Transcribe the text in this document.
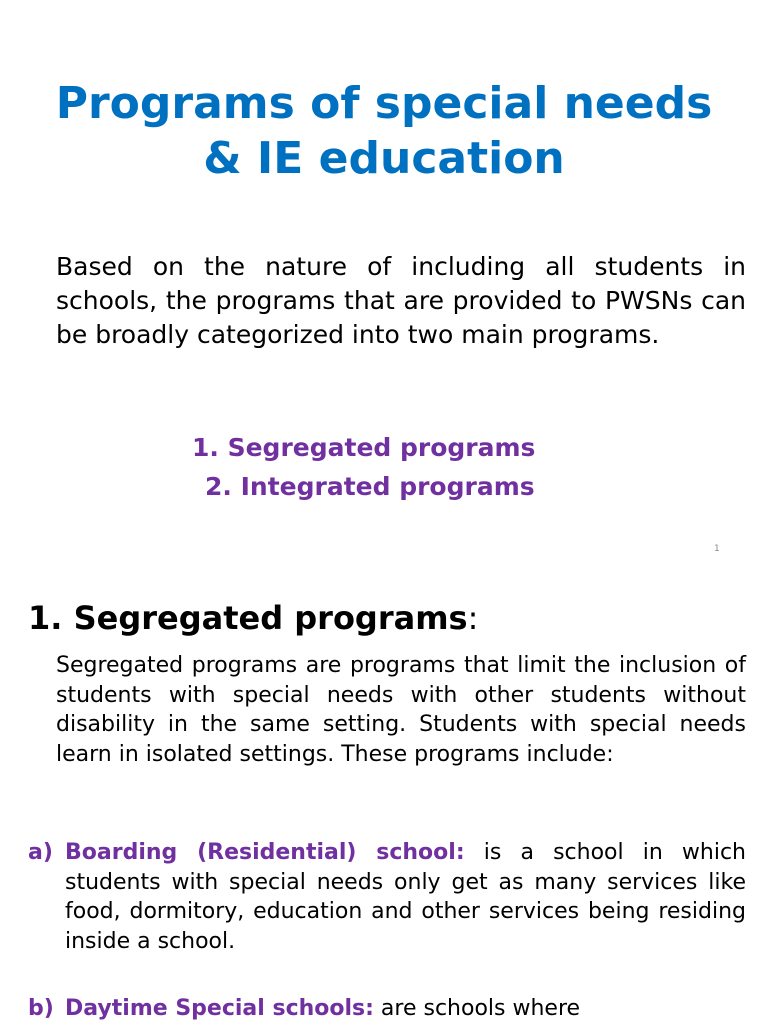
Programs of special needs
& IE education

Based on the nature of including all students in schools, the programs that are provided to PWSNs can be broadly categorized into two main programs.

1. Segregated programs
2. Integrated programs
1
1. Segregated programs:

Segregated programs are programs that limit the inclusion of students with special needs with other students without disability in the same setting. Students with special needs learn in isolated settings. These programs include:

a) Boarding (Residential) school: is a school in which students with special needs only get as many services like food, dormitory, education and other services being residing inside a school.

b) Daytime Special schools: are schools where
